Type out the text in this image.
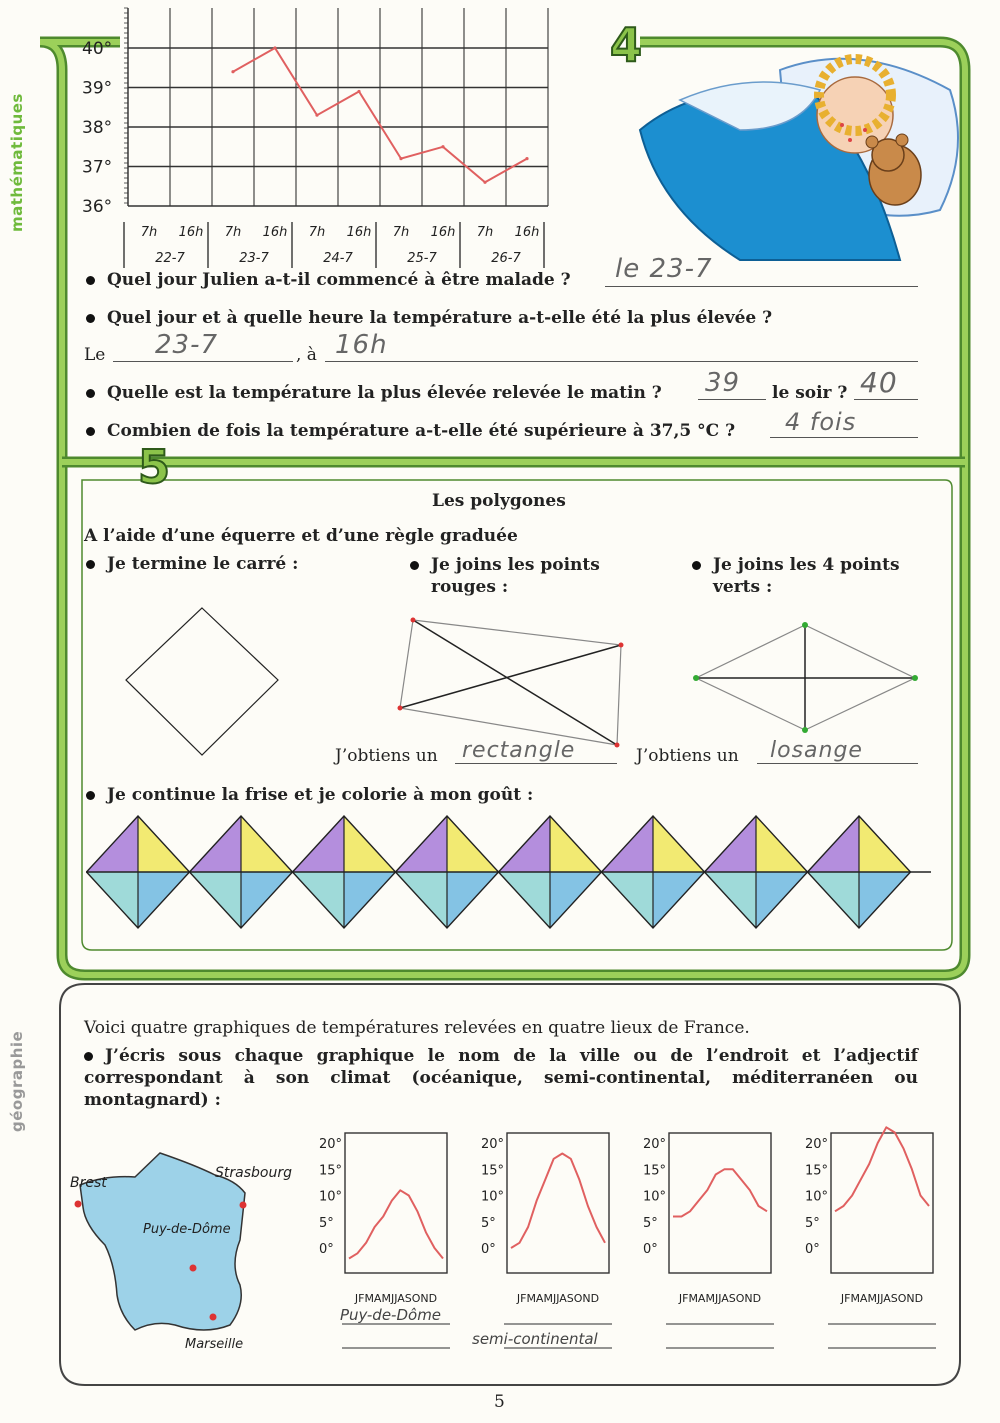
mathématiques
géographie
4
5
40°
39°
38°
37°
36°
7h 16h 7h 16h 7h 16h 7h 16h 7h 16h
22-7	23-7	24-7	25-7	26-7
Quel jour Julien a-t-il commencé à être malade ? le 23-7
Quel jour et à quelle heure la température a-t-elle été la plus élevée ?
Le 23-7	, à 16h
Quelle est la température la plus élevée relevée le matin ? 39 le soir ? 40
Combien de fois la température a-t-elle été supérieure à 37,5 °C ? 4 fois
Les polygones
A l’aide d’une équerre et d’une règle graduée
Je termine le carré :	Je joins les points
rouges :
Je joins les 4 points
verts :
J’obtiens un rectangle	J’obtiens un losange
Je continue la frise et je colorie à mon goût :
Voici quatre graphiques de températures relevées en quatre lieux de France.
J’écris sous chaque graphique le nom de la ville ou de l’endroit et l’adjectif correspondant à son climat (océanique, semi-continental, méditerranéen ou montagnard) :
Brest
Strasbourg
Puy-de-Dôme
Marseille
20°
15°
10°
5°
0°
JFMAMJJASOND
Puy-de-Dôme
20°
15°
10°
5°
0°
JFMAMJJASOND
semi-continental
20°
15°
10°
5°
0°
JFMAMJJASOND
20°
15°
10°
5°
0°
JFMAMJJASOND
5
